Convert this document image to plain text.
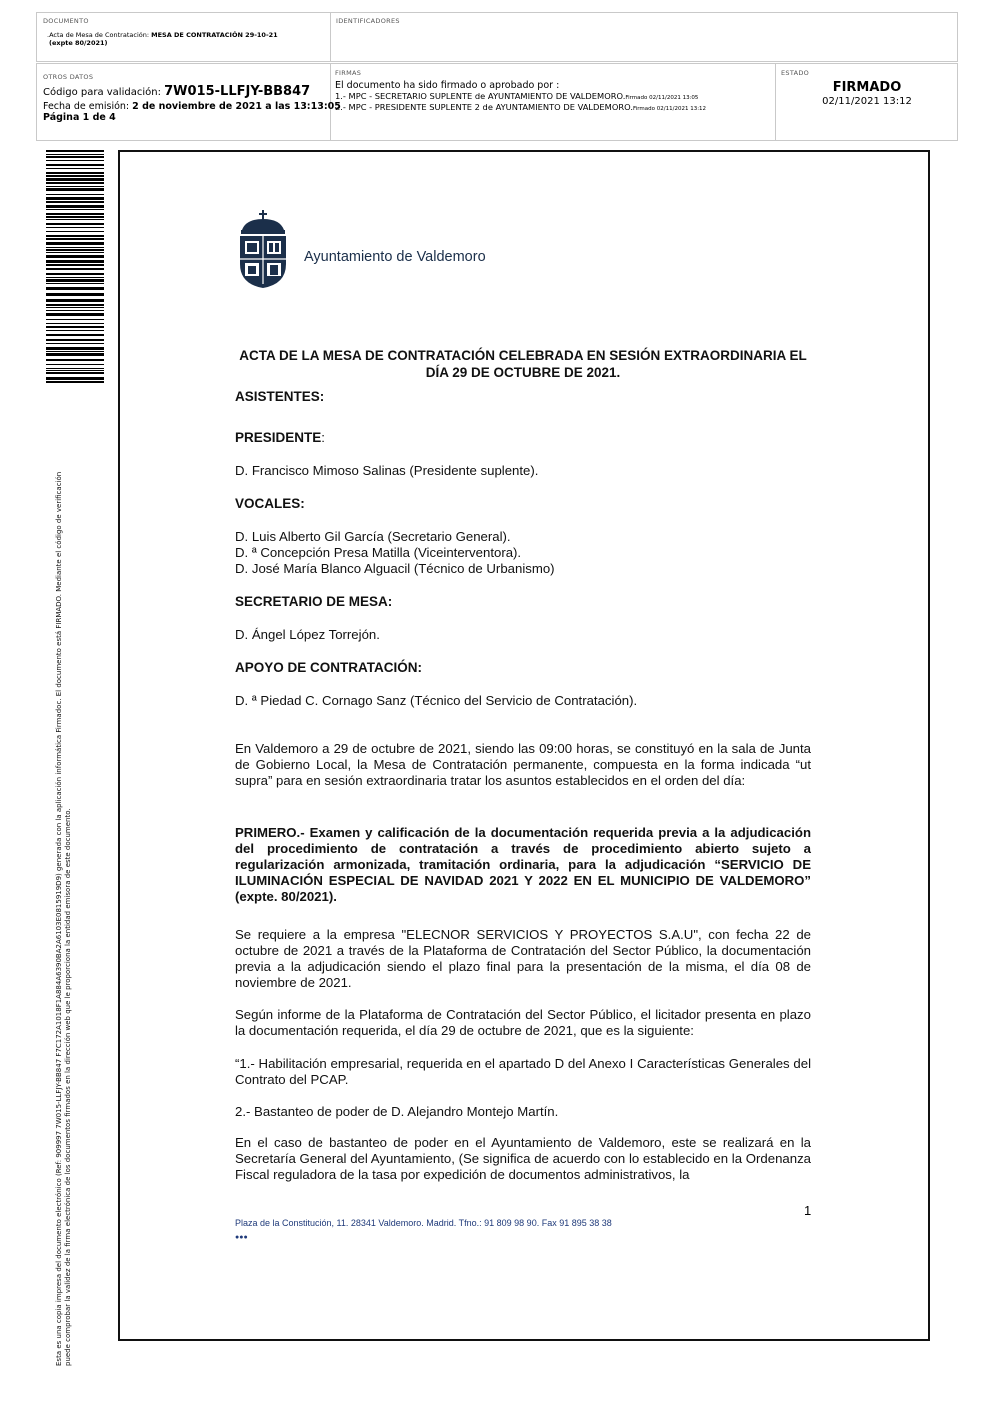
DOCUMENTO
.Acta de Mesa de Contratación: MESA DE CONTRATACIÓN 29-10-21
(expte 80/2021)
IDENTIFICADORES
OTROS DATOS
Código para validación: 7W015-LLFJY-BB847
Fecha de emisión: 2 de noviembre de 2021 a las 13:13:05
Página 1 de 4
FIRMAS
El documento ha sido firmado o aprobado por :
1.- MPC - SECRETARIO SUPLENTE de AYUNTAMIENTO DE VALDEMORO.Firmado 02/11/2021 13:05
2.- MPC - PRESIDENTE SUPLENTE 2 de AYUNTAMIENTO DE VALDEMORO.Firmado 02/11/2021 13:12
ESTADO
FIRMADO
02/11/2021 13:12
Esta es una copia impresa del documento electrónico (Ref: 909997 7W015-LLFJY-BB847 F7C172A1018F1A884A6390BA2A6103E0815919D9) generada con la aplicación informática Firmadoc. El documento está FIRMADO. Mediante el código de verificación puede comprobar la validez de la firma electrónica de los documentos firmados en la dirección web que le proporciona la entidad emisora de este documento.
Ayuntamiento de Valdemoro
ACTA DE LA MESA DE CONTRATACIÓN CELEBRADA EN SESIÓN EXTRAORDINARIA EL
DÍA 29 DE OCTUBRE DE 2021.
ASISTENTES:
PRESIDENTE:
D. Francisco Mimoso Salinas (Presidente suplente).
VOCALES:
D. Luis Alberto Gil García (Secretario General).
D. ª Concepción Presa Matilla (Viceinterventora).
D. José María Blanco Alguacil (Técnico de Urbanismo)
SECRETARIO DE MESA:
D. Ángel López Torrejón.
APOYO DE CONTRATACIÓN:
D. ª Piedad C. Cornago Sanz (Técnico del Servicio de Contratación).
En Valdemoro a 29 de octubre de 2021, siendo las 09:00 horas, se constituyó en la sala de Junta de Gobierno Local, la Mesa de Contratación permanente, compuesta en la forma indicada “ut supra” para en sesión extraordinaria tratar los asuntos establecidos en el orden del día:
PRIMERO.- Examen y calificación de la documentación requerida previa a la adjudicación del procedimiento de contratación a través de procedimiento abierto sujeto a regularización armonizada, tramitación ordinaria, para la adjudicación “SERVICIO DE ILUMINACIÓN ESPECIAL DE NAVIDAD 2021 Y 2022 EN EL MUNICIPIO DE VALDEMORO” (expte. 80/2021).
Se requiere a la empresa "ELECNOR SERVICIOS Y PROYECTOS S.A.U", con fecha 22 de octubre de 2021 a través de la Plataforma de Contratación del Sector Público, la documentación previa a la adjudicación siendo el plazo final para la presentación de la misma, el día 08 de noviembre de 2021.
Según informe de la Plataforma de Contratación del Sector Público, el licitador presenta en plazo la documentación requerida, el día 29 de octubre de 2021, que es la siguiente:
“1.- Habilitación empresarial, requerida en el apartado D del Anexo I Características Generales del Contrato del PCAP.
2.- Bastanteo de poder de D. Alejandro Montejo Martín.
En el caso de bastanteo de poder en el Ayuntamiento de Valdemoro, este se realizará en la Secretaría General del Ayuntamiento, (Se significa de acuerdo con lo establecido en la Ordenanza Fiscal reguladora de la tasa por expedición de documentos administrativos, la
1
Plaza de la Constitución, 11. 28341 Valdemoro. Madrid. Tfno.: 91 809 98 90. Fax 91 895 38 38
●●●
